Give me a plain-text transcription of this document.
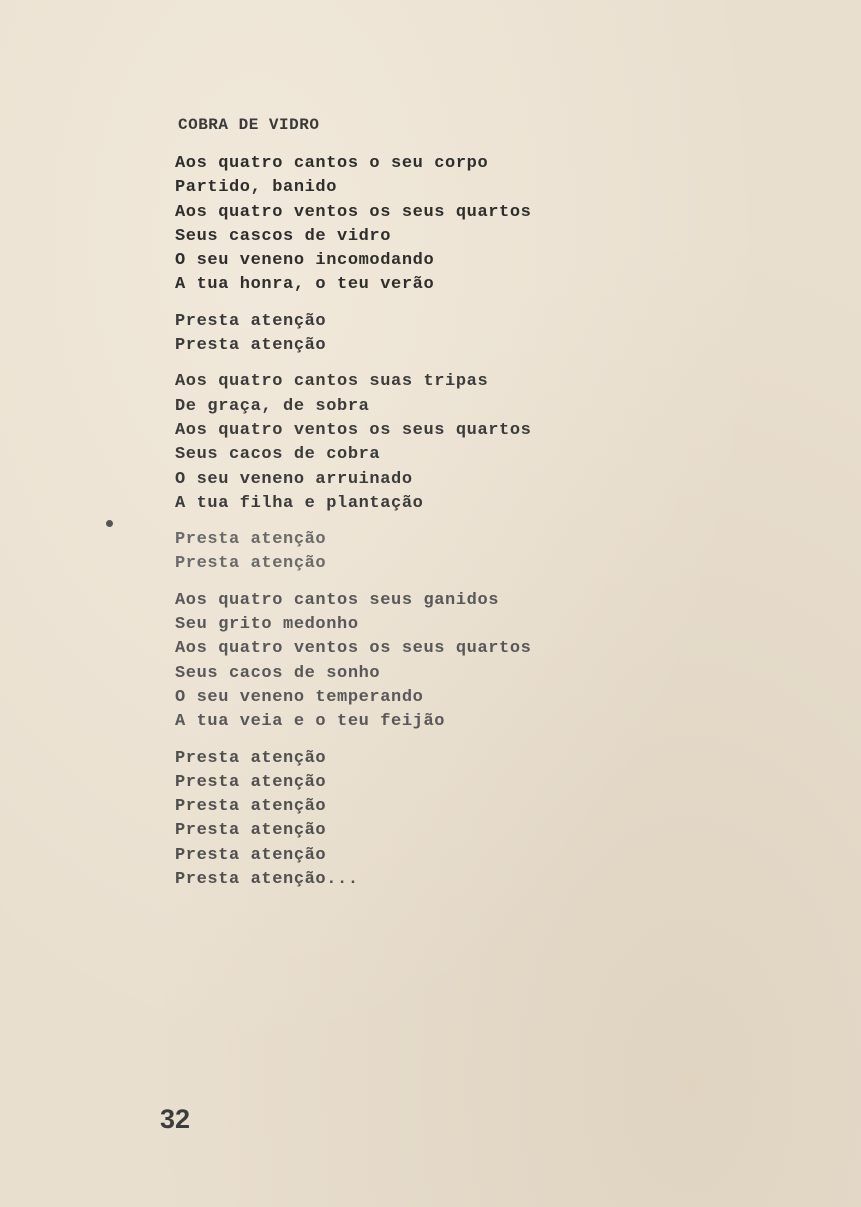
COBRA DE VIDRO
Aos quatro cantos o seu corpo
Partido, banido
Aos quatro ventos os seus quartos
Seus cascos de vidro
O seu veneno incomodando
A tua honra, o teu verão
Presta atenção
Presta atenção
Aos quatro cantos suas tripas
De graça, de sobra
Aos quatro ventos os seus quartos
Seus cacos de cobra
O seu veneno arruinado
A tua filha e plantação
Presta atenção
Presta atenção
Aos quatro cantos seus ganidos
Seu grito medonho
Aos quatro ventos os seus quartos
Seus cacos de sonho
O seu veneno temperando
A tua veia e o teu feijão
Presta atenção
Presta atenção
Presta atenção
Presta atenção
Presta atenção
Presta atenção...

32
